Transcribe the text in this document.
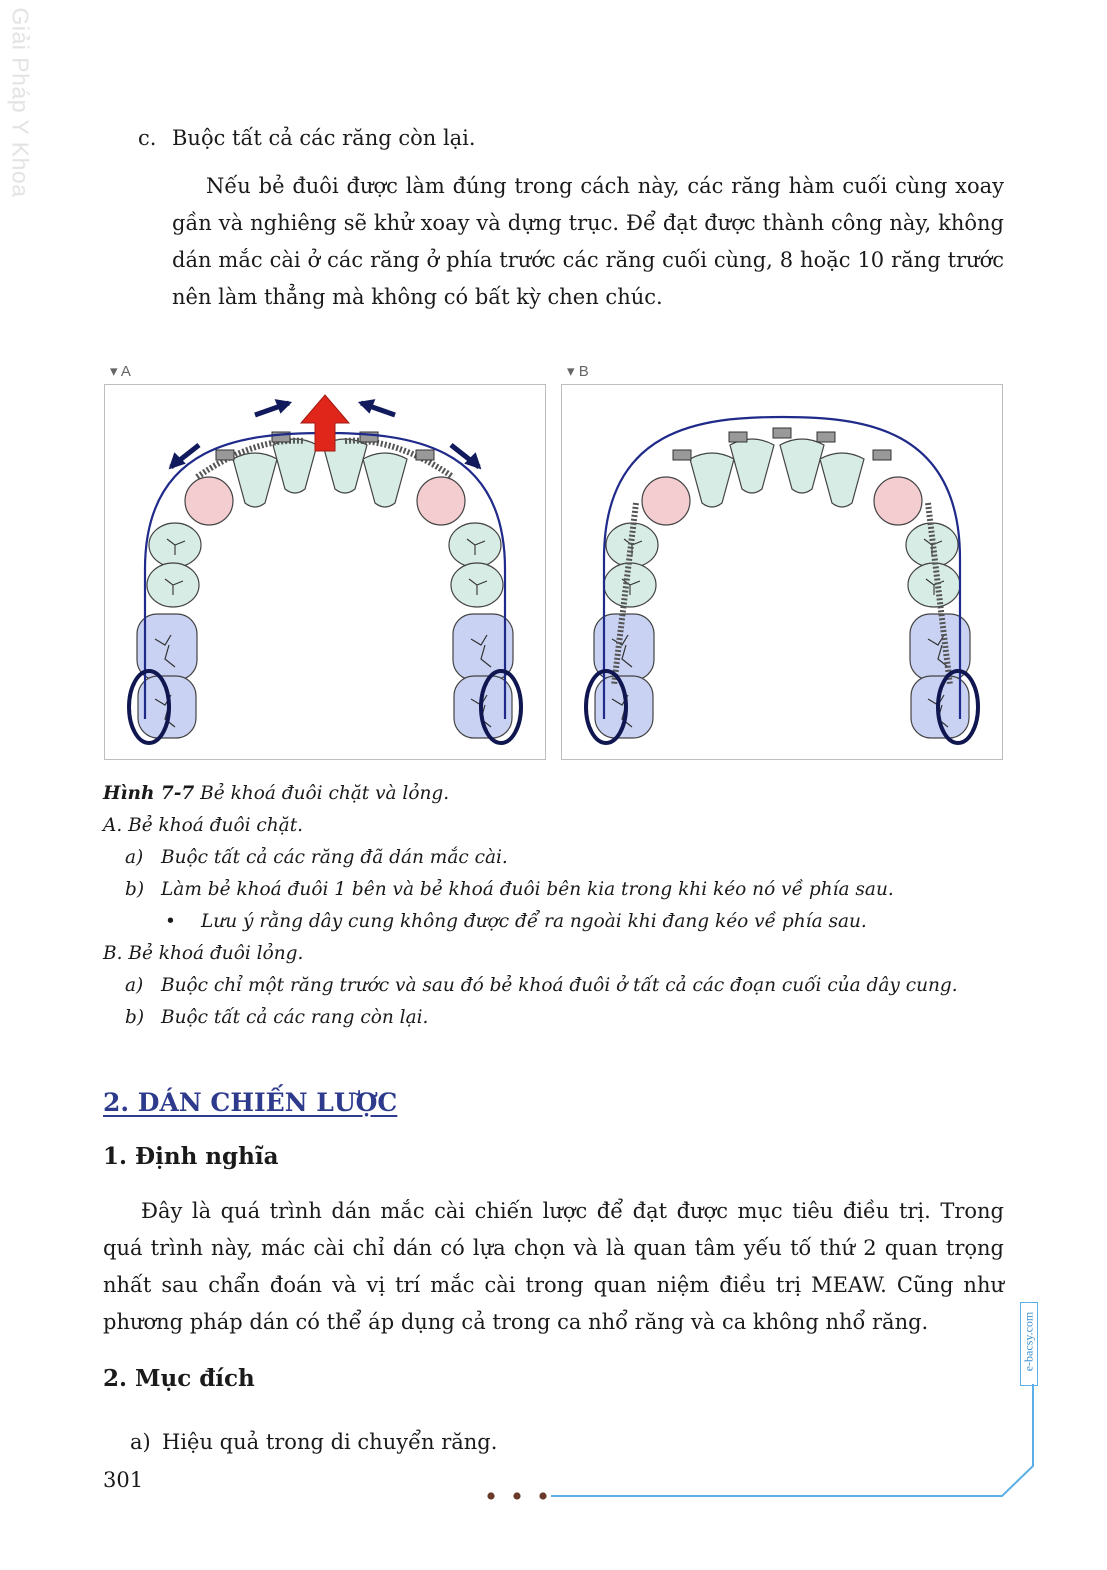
Giải Pháp Y Khoa	c. Buộc tất cả các răng còn lại.

Nếu bẻ đuôi được làm đúng trong cách này, các răng hàm cuối cùng xoay gần và nghiêng sẽ khử xoay và dựng trục. Để đạt được thành công này, không dán mắc cài ở các răng ở phía trước các răng cuối cùng, 8 hoặc 10 răng trước nên làm thẳng mà không có bất kỳ chen chúc.

▾ A	▾ B
Hình 7-7 Bẻ khoá đuôi chặt và lỏng.
A. Bẻ khoá đuôi chặt.
a) Buộc tất cả các răng đã dán mắc cài.
b) Làm bẻ khoá đuôi 1 bên và bẻ khoá đuôi bên kia trong khi kéo nó về phía sau.
• Lưu ý rằng dây cung không được để ra ngoài khi đang kéo về phía sau.
B. Bẻ khoá đuôi lỏng.
a) Buộc chỉ một răng trước và sau đó bẻ khoá đuôi ở tất cả các đoạn cuối của dây cung.
b) Buộc tất cả các rang còn lại.
2. DÁN CHIẾN LƯỢC
1. Định nghĩa

Đây là quá trình dán mắc cài chiến lược để đạt được mục tiêu điều trị. Trong quá trình này, mác cài chỉ dán có lựa chọn và là quan tâm yếu tố thứ 2 quan trọng nhất sau chẩn đoán và vị trí mắc cài trong quan niệm điều trị MEAW. Cũng như phương pháp dán có thể áp dụng cả trong ca nhổ răng và ca không nhổ răng.

2. Mục đích
a) Hiệu quả trong di chuyển răng.
301
e-bacsy.com
